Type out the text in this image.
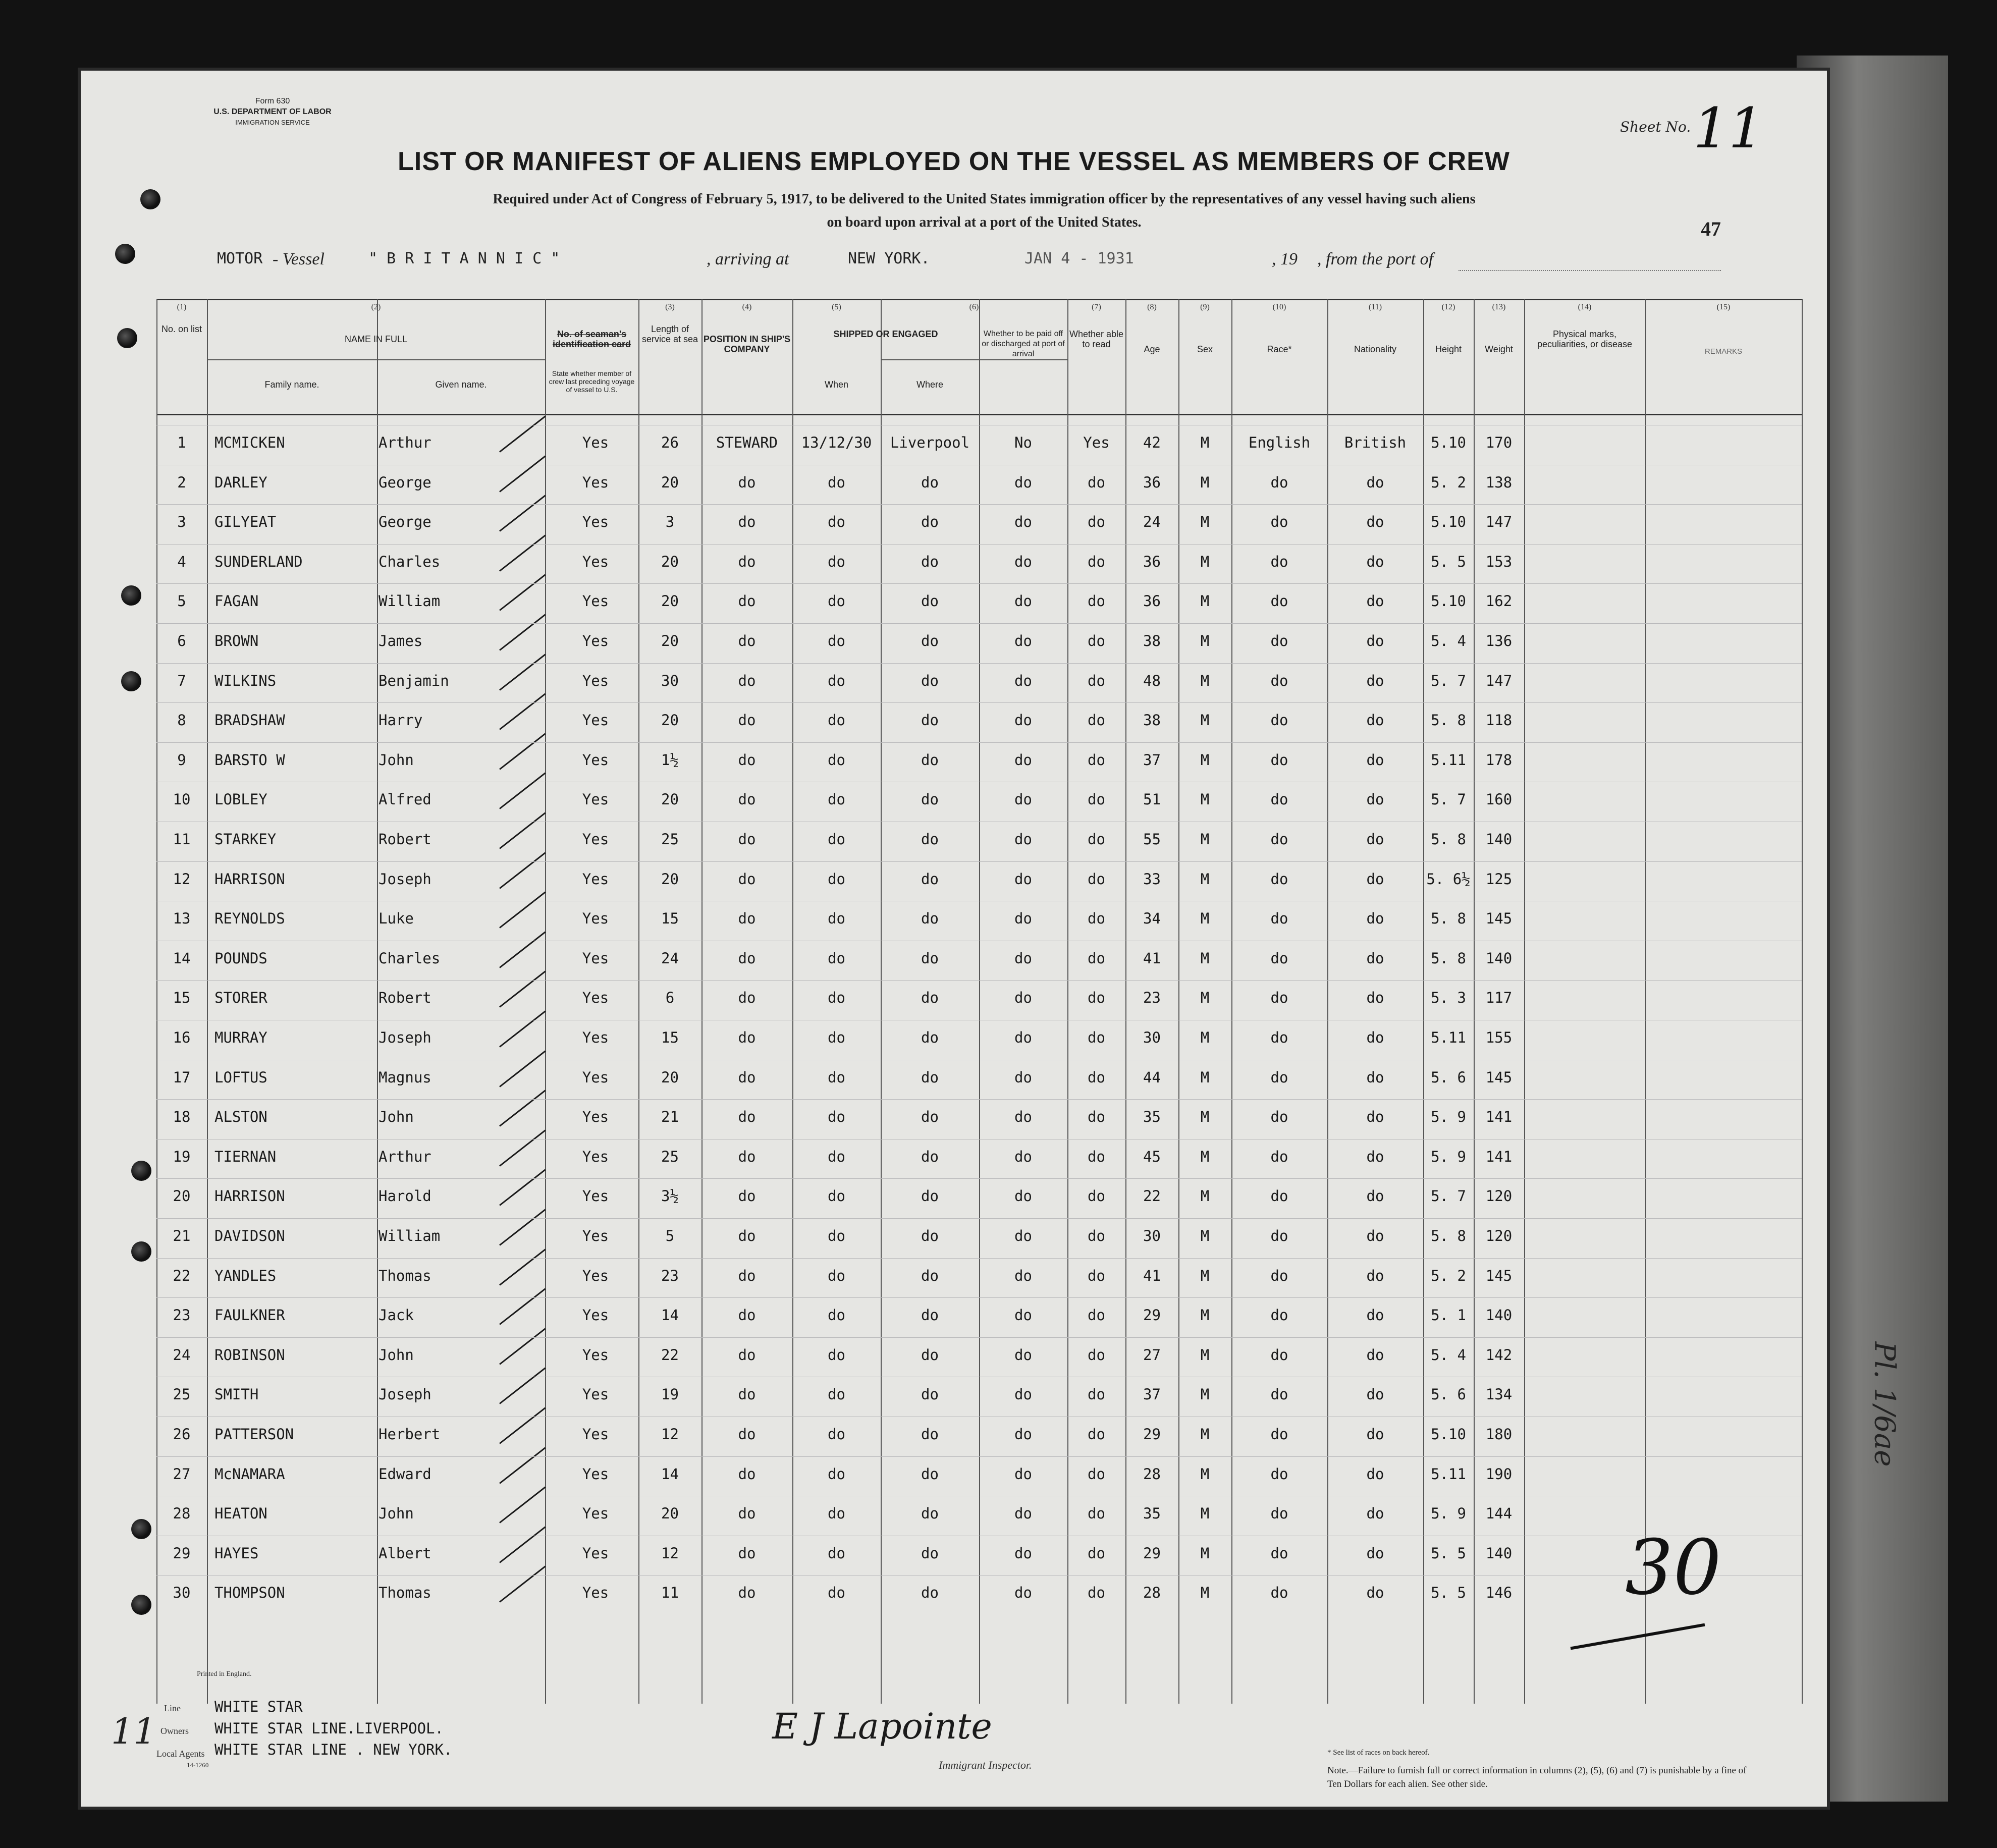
Form 630
U.S. DEPARTMENT OF LABOR
IMMIGRATION SERVICE	Sheet No. 11
LIST OR MANIFEST OF ALIENS EMPLOYED ON THE VESSEL AS MEMBERS OF CREW
Required under Act of Congress of February 5, 1917, to be delivered to the United States immigration officer by the representatives of any vessel having such aliens
on board upon arrival at a port of the United States.	47
MOTOR - Vessel	" B R I T A N N I C "	, arriving at	NEW YORK.	JAN 4 - 1931	, 19 , from the port of
(1)	(2)	(3)	(4)	(5)	(6)	(7)	(8)	(9)	(10)	(11)	(12)	(13)	(14)	(15)
No. on list
NAME IN FULL
Family name.	Given name.
No. of seaman's identification card
State whether member of crew last preceding voyage of vessel to U.S.
Length of service at sea POSITION IN SHIP'S COMPANY
SHIPPED OR ENGAGED
When	Where
Whether to be paid off or discharged at port of arrival
Whether able to read	Age	Sex	Race*	Nationality	Height	Weight
Physical marks, peculiarities, or disease
REMARKS
1	MCMICKEN	Arthur	Yes	26	STEWARD	13/12/30	Liverpool	No	Yes	42	M	English	British	5.10	170
2	DARLEY	George	Yes	20	do	do	do	do	do	36	M	do	do	5. 2	138
3	GILYEAT	George	Yes	3	do	do	do	do	do	24	M	do	do	5.10	147
4	SUNDERLAND	Charles	Yes	20	do	do	do	do	do	36	M	do	do	5. 5	153
5	FAGAN	William	Yes	20	do	do	do	do	do	36	M	do	do	5.10	162
6	BROWN	James	Yes	20	do	do	do	do	do	38	M	do	do	5. 4	136
7	WILKINS	Benjamin	Yes	30	do	do	do	do	do	48	M	do	do	5. 7	147
8	BRADSHAW	Harry	Yes	20	do	do	do	do	do	38	M	do	do	5. 8	118
9	BARSTO W	John	Yes	1½	do	do	do	do	do	37	M	do	do	5.11	178
10	LOBLEY	Alfred	Yes	20	do	do	do	do	do	51	M	do	do	5. 7	160
11	STARKEY	Robert	Yes	25	do	do	do	do	do	55	M	do	do	5. 8	140
12	HARRISON	Joseph	Yes	20	do	do	do	do	do	33	M	do	do	5. 6½	125
13	REYNOLDS	Luke	Yes	15	do	do	do	do	do	34	M	do	do	5. 8	145
14	POUNDS	Charles	Yes	24	do	do	do	do	do	41	M	do	do	5. 8	140
15	STORER	Robert	Yes	6	do	do	do	do	do	23	M	do	do	5. 3	117
16	MURRAY	Joseph	Yes	15	do	do	do	do	do	30	M	do	do	5.11	155
17	LOFTUS	Magnus	Yes	20	do	do	do	do	do	44	M	do	do	5. 6	145
18	ALSTON	John	Yes	21	do	do	do	do	do	35	M	do	do	5. 9	141
19	TIERNAN	Arthur	Yes	25	do	do	do	do	do	45	M	do	do	5. 9	141
20	HARRISON	Harold	Yes	3½	do	do	do	do	do	22	M	do	do	5. 7	120
21	DAVIDSON	William	Yes	5	do	do	do	do	do	30	M	do	do	5. 8	120
22	YANDLES	Thomas	Yes	23	do	do	do	do	do	41	M	do	do	5. 2	145
23	FAULKNER	Jack	Yes	14	do	do	do	do	do	29	M	do	do	5. 1	140
24	ROBINSON	John	Yes	22	do	do	do	do	do	27	M	do	do	5. 4	142
25	SMITH	Joseph	Yes	19	do	do	do	do	do	37	M	do	do	5. 6	134
26	PATTERSON	Herbert	Yes	12	do	do	do	do	do	29	M	do	do	5.10	180
27	McNAMARA	Edward	Yes	14	do	do	do	do	do	28	M	do	do	5.11	190
28	HEATON	John	Yes	20	do	do	do	do	do	35	M	do	do	5. 9	144
29	HAYES	Albert	Yes	12	do	do	do	do	do	29	M	do	do	5. 5	140
30	THOMPSON	Thomas	Yes	11	do	do	do	do	do	28	M	do	do	5. 5	146
Printed in England.
Line WHITE STAR
Owners WHITE STAR LINE.LIVERPOOL.
Local Agents WHITE STAR LINE . NEW YORK.
14-1260
11	E J Lapointe
Immigrant Inspector.
* See list of races on back hereof.
Note.—Failure to furnish full or correct information in columns (2), (5), (6) and (7) is punishable by a fine of Ten Dollars for each alien. See other side.
30
Pl. 1/6ae
